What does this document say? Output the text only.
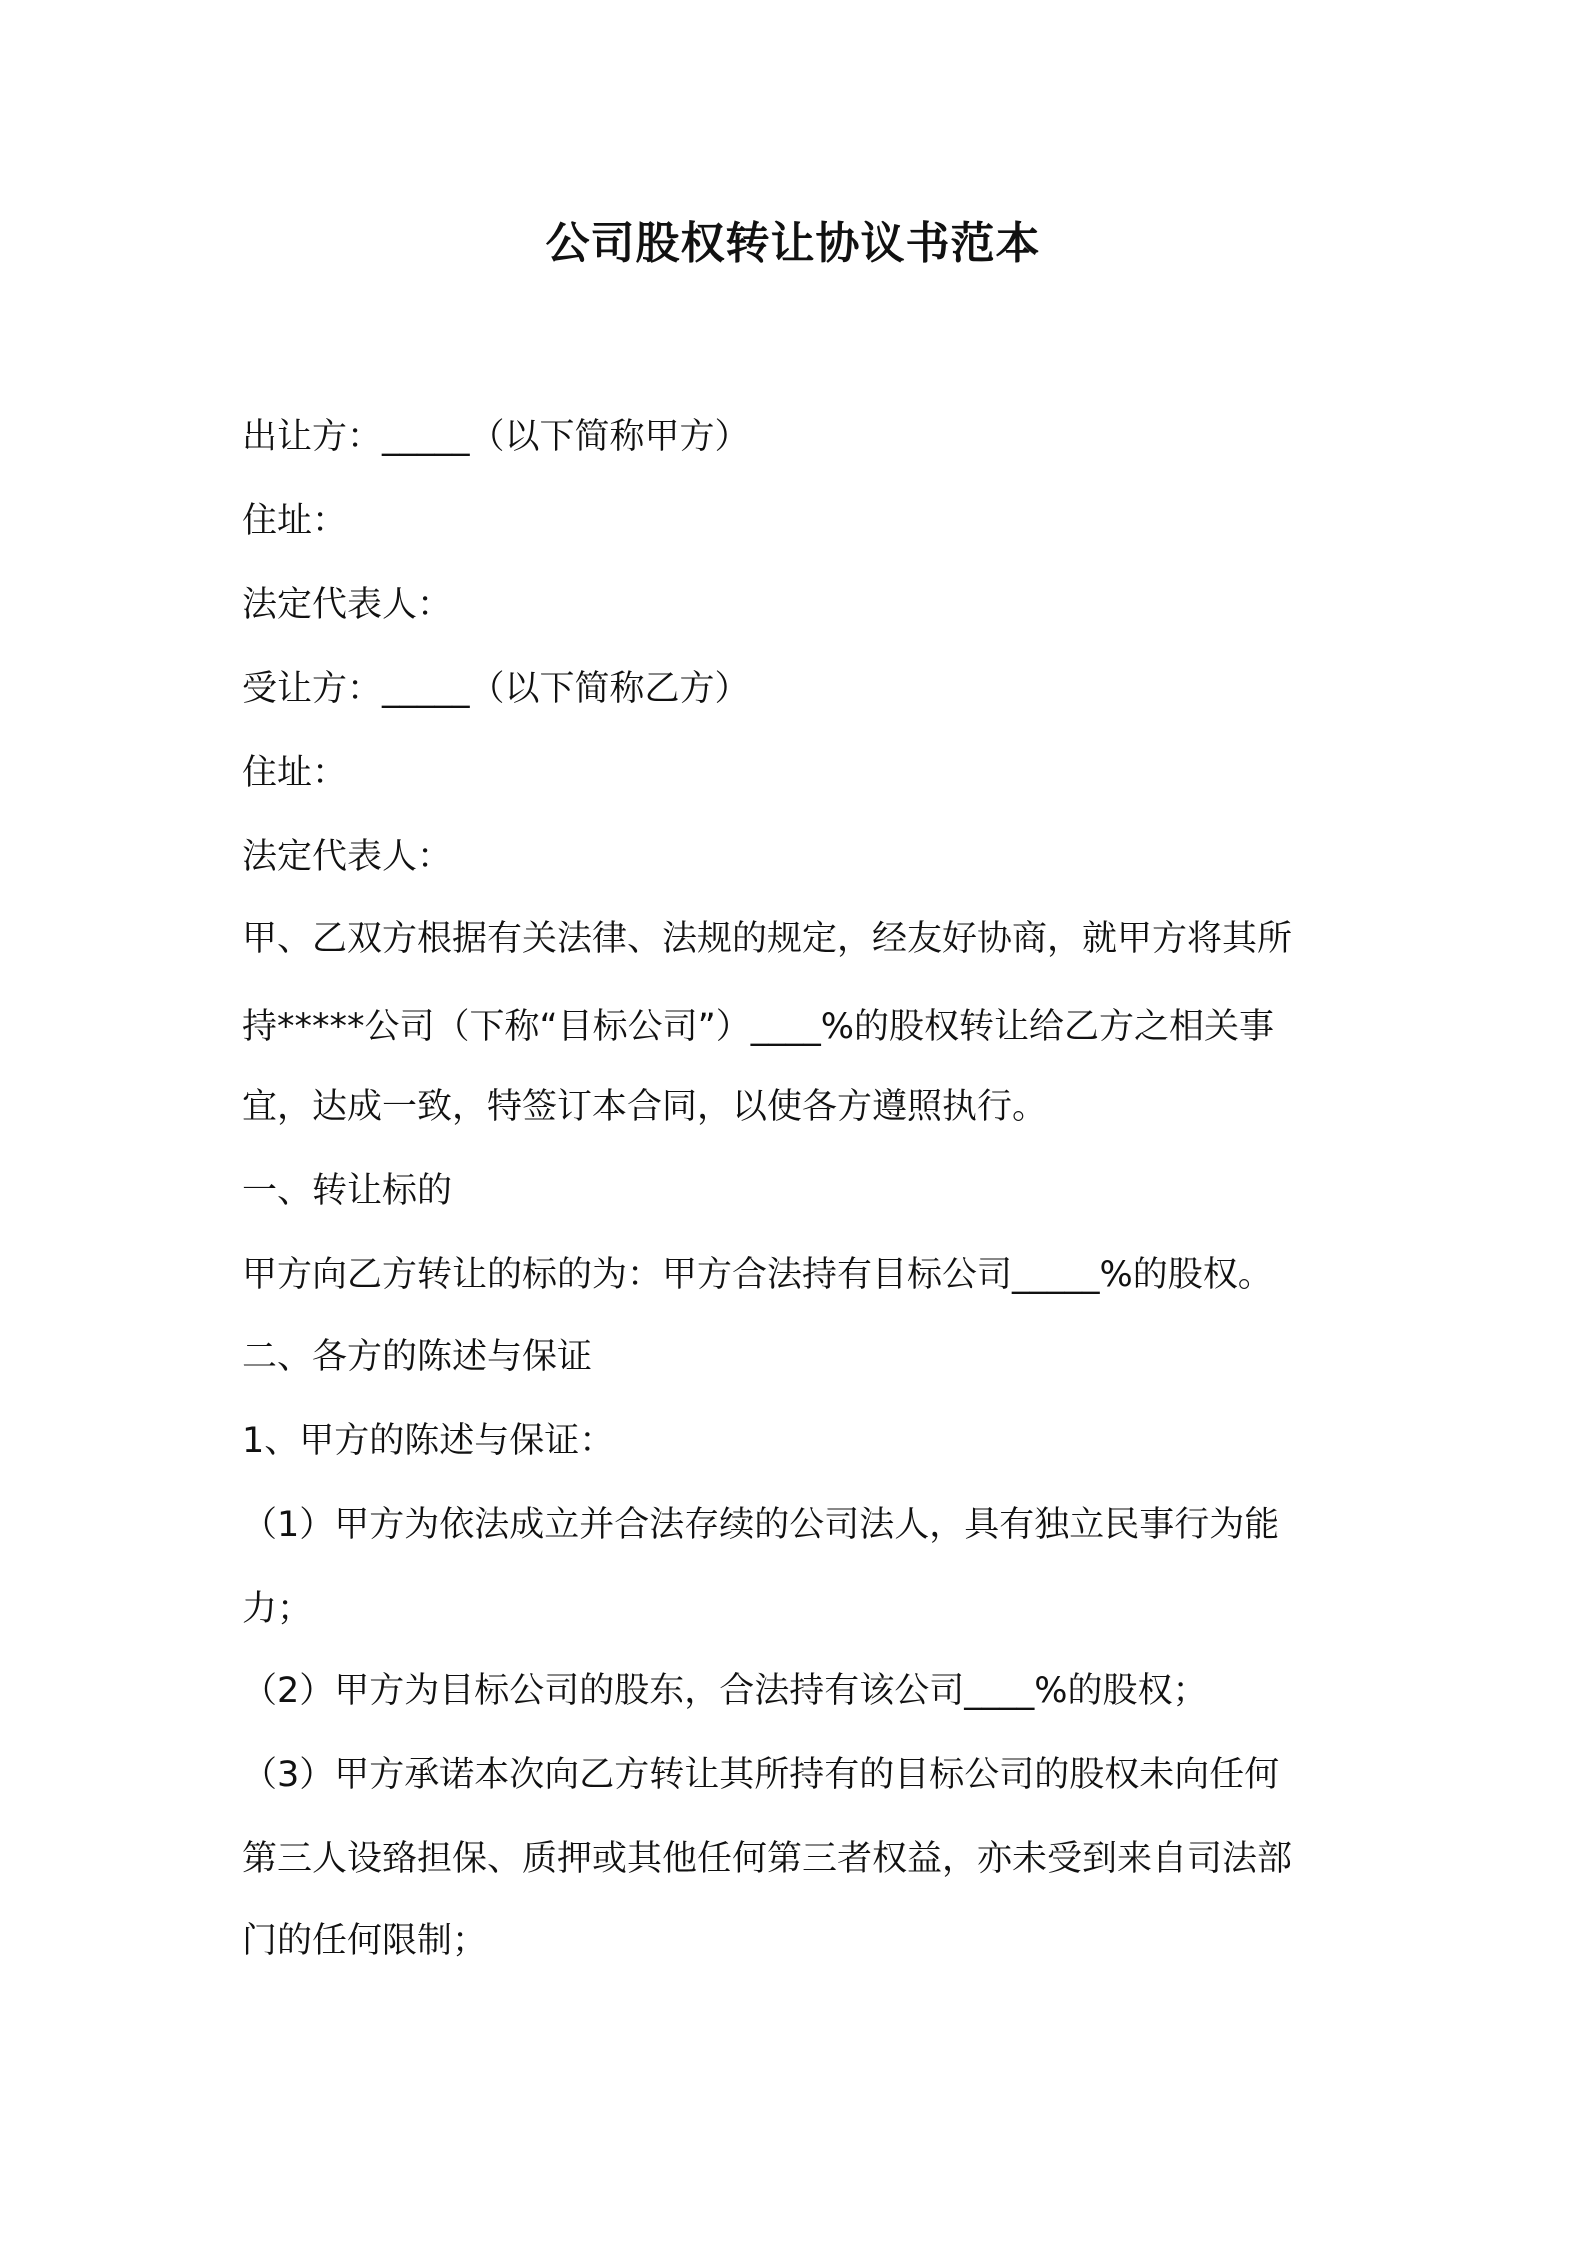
公司股权转让协议书范本

出让方：_____（以下简称甲方）

住址：

法定代表人：

受让方：_____（以下简称乙方）

住址：

法定代表人：

甲、乙双方根据有关法律、法规的规定，经友好协商，就甲方将其所

持*****公司（下称“目标公司”）____%的股权转让给乙方之相关事

宜，达成一致，特签订本合同，以使各方遵照执行。

一、转让标的

甲方向乙方转让的标的为：甲方合法持有目标公司_____%的股权。

二、各方的陈述与保证

1、甲方的陈述与保证：

（1）甲方为依法成立并合法存续的公司法人，具有独立民事行为能

力；

（2）甲方为目标公司的股东，合法持有该公司____%的股权；

（3）甲方承诺本次向乙方转让其所持有的目标公司的股权未向任何

第三人设臵担保、质押或其他任何第三者权益，亦未受到来自司法部

门的任何限制；
